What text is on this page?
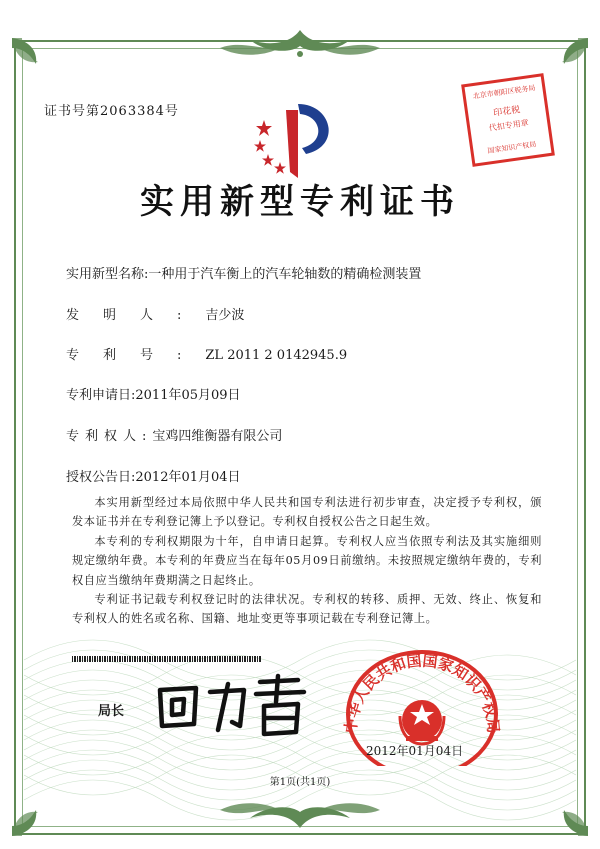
证书号第2063384号
北京市朝阳区税务局
印花税
代扣专用章
国家知识产权局
实用新型专利证书
实用新型名称:一种用于汽车衡上的汽车轮轴数的精确检测装置
发明人:吉少波
专利号:ZL 2011 2 0142945.9
专利申请日:2011年05月09日
专利权人:宝鸡四维衡器有限公司
授权公告日:2012年01月04日

本实用新型经过本局依照中华人民共和国专利法进行初步审查，决定授予专利权，颁发本证书并在专利登记簿上予以登记。专利权自授权公告之日起生效。

本专利的专利权期限为十年，自申请日起算。专利权人应当依照专利法及其实施细则规定缴纳年费。本专利的年费应当在每年05月09日前缴纳。未按照规定缴纳年费的，专利权自应当缴纳年费期满之日起终止。

专利证书记载专利权登记时的法律状况。专利权的转移、质押、无效、终止、恢复和专利权人的姓名或名称、国籍、地址变更等事项记载在专利登记簿上。

局长
中华人民共和国国家知识产权局
2012年01月04日
第1页(共1页)
